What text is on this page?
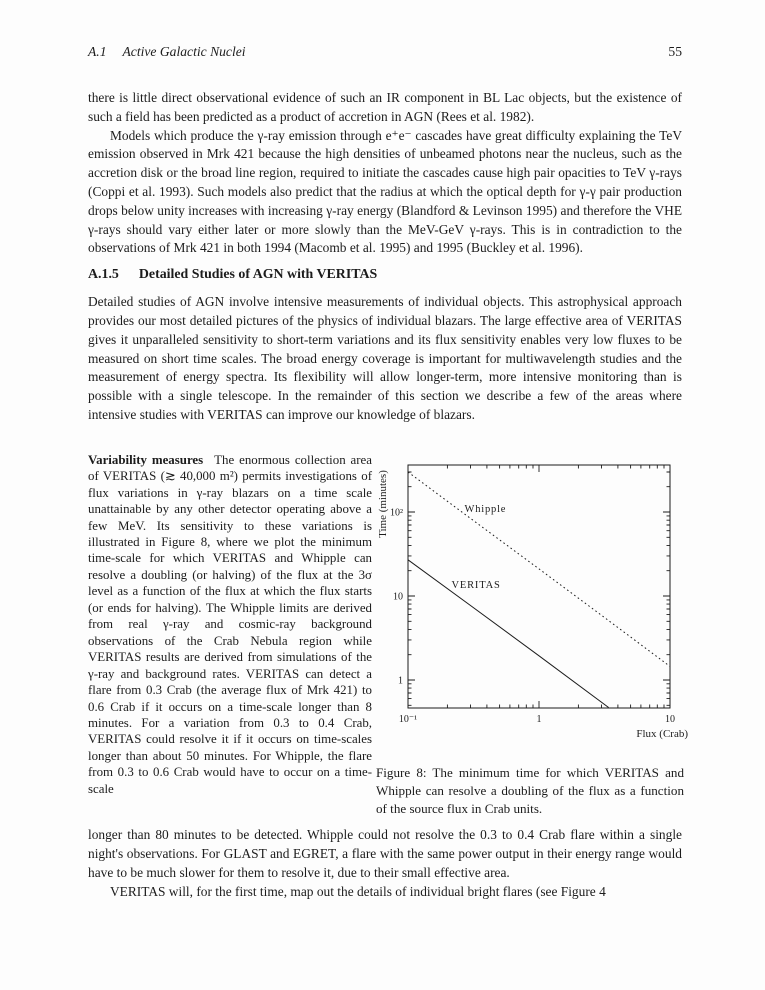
A.1 Active Galactic Nuclei	55

there is little direct observational evidence of such an IR component in BL Lac objects, but the existence of such a field has been predicted as a product of accretion in AGN (Rees et al. 1982).

Models which produce the γ-ray emission through e⁺e⁻ cascades have great difficulty explaining the TeV emission observed in Mrk 421 because the high densities of unbeamed photons near the nucleus, such as the accretion disk or the broad line region, required to initiate the cascades cause high pair opacities to TeV γ-rays (Coppi et al. 1993). Such models also predict that the radius at which the optical depth for γ-γ pair production drops below unity increases with increasing γ-ray energy (Blandford & Levinson 1995) and therefore the VHE γ-rays should vary either later or more slowly than the MeV-GeV γ-rays. This is in contradiction to the observations of Mrk 421 in both 1994 (Macomb et al. 1995) and 1995 (Buckley et al. 1996).

A.1.5 Detailed Studies of AGN with VERITAS

Detailed studies of AGN involve intensive measurements of individual objects. This astrophysical approach provides our most detailed pictures of the physics of individual blazars. The large effective area of VERITAS gives it unparalleled sensitivity to short-term variations and its flux sensitivity enables very low fluxes to be measured on short time scales. The broad energy coverage is important for multiwavelength studies and the measurement of energy spectra. Its flexibility will allow longer-term, more intensive monitoring than is possible with a single telescope. In the remainder of this section we describe a few of the areas where intensive studies with VERITAS can improve our knowledge of blazars.

Variability measures The enormous collection area of VERITAS (≳ 40,000 m²) permits investigations of flux variations in γ-ray blazars on a time scale unattainable by any other detector operating above a few MeV. Its sensitivity to these variations is illustrated in Figure 8, where we plot the minimum time-scale for which VERITAS and Whipple can resolve a doubling (or halving) of the flux at the 3σ level as a function of the flux at which the flux starts (or ends for halving). The Whipple limits are derived from real γ-ray and cosmic-ray background observations of the Crab Nebula region while VERITAS results are derived from simulations of the γ-ray and background rates. VERITAS can detect a flare from 0.3 Crab (the average flux of Mrk 421) to 0.6 Crab if it occurs on a time-scale longer than 8 minutes. For a variation from 0.3 to 0.4 Crab, VERITAS could resolve it if it occurs on time-scales longer than about 50 minutes. For Whipple, the flare from 0.3 to 0.6 Crab would have to occur on a time-scale
10⁻¹	1	10
1
10
10²
Flux (Crab)
Time (minutes)	Whipple
VERITAS

Figure 8: The minimum time for which VERITAS and Whipple can resolve a doubling of the flux as a function of the source flux in Crab units.

longer than 80 minutes to be detected. Whipple could not resolve the 0.3 to 0.4 Crab flare within a single night's observations. For GLAST and EGRET, a flare with the same power output in their energy range would have to be much slower for them to resolve it, due to their small effective area.

VERITAS will, for the first time, map out the details of individual bright flares (see Figure 4
